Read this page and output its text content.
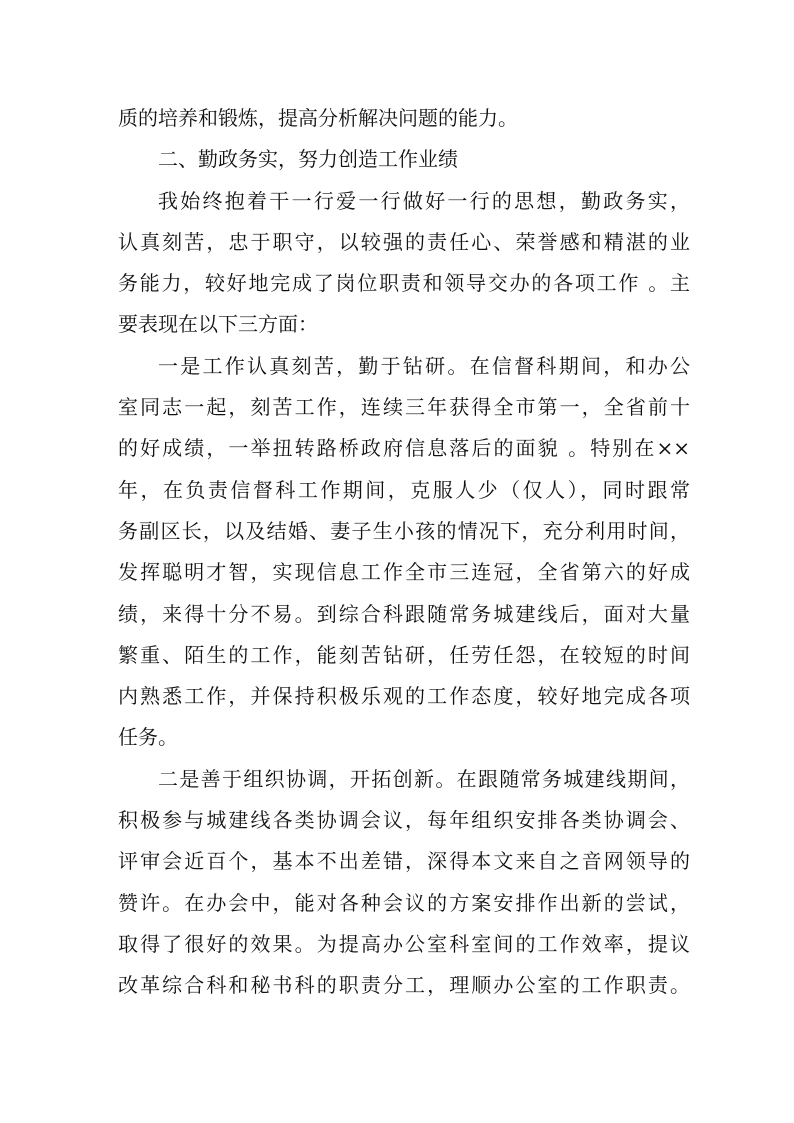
质的培养和锻炼，提高分析解决问题的能力。
二、勤政务实，努力创造工作业绩
我始终抱着干一行爱一行做好一行的思想，勤政务实，
认真刻苦，忠于职守，以较强的责任心、荣誉感和精湛的业
务能力，较好地完成了岗位职责和领导交办的各项工作 。主
要表现在以下三方面：
一是工作认真刻苦，勤于钻研。在信督科期间，和办公
室同志一起，刻苦工作，连续三年获得全市第一，全省前十
的好成绩，一举扭转路桥政府信息落后的面貌 。特别在××
年，在负责信督科工作期间，克服人少（仅人），同时跟常
务副区长，以及结婚、妻子生小孩的情况下，充分利用时间，
发挥聪明才智，实现信息工作全市三连冠，全省第六的好成
绩，来得十分不易。到综合科跟随常务城建线后，面对大量
繁重、陌生的工作，能刻苦钻研，任劳任怨，在较短的时间
内熟悉工作，并保持积极乐观的工作态度，较好地完成各项
任务。
二是善于组织协调，开拓创新。在跟随常务城建线期间，
积极参与城建线各类协调会议，每年组织安排各类协调会、
评审会近百个，基本不出差错，深得本文来自之音网领导的
赞许。在办会中，能对各种会议的方案安排作出新的尝试，
取得了很好的效果。为提高办公室科室间的工作效率，提议
改革综合科和秘书科的职责分工，理顺办公室的工作职责。
